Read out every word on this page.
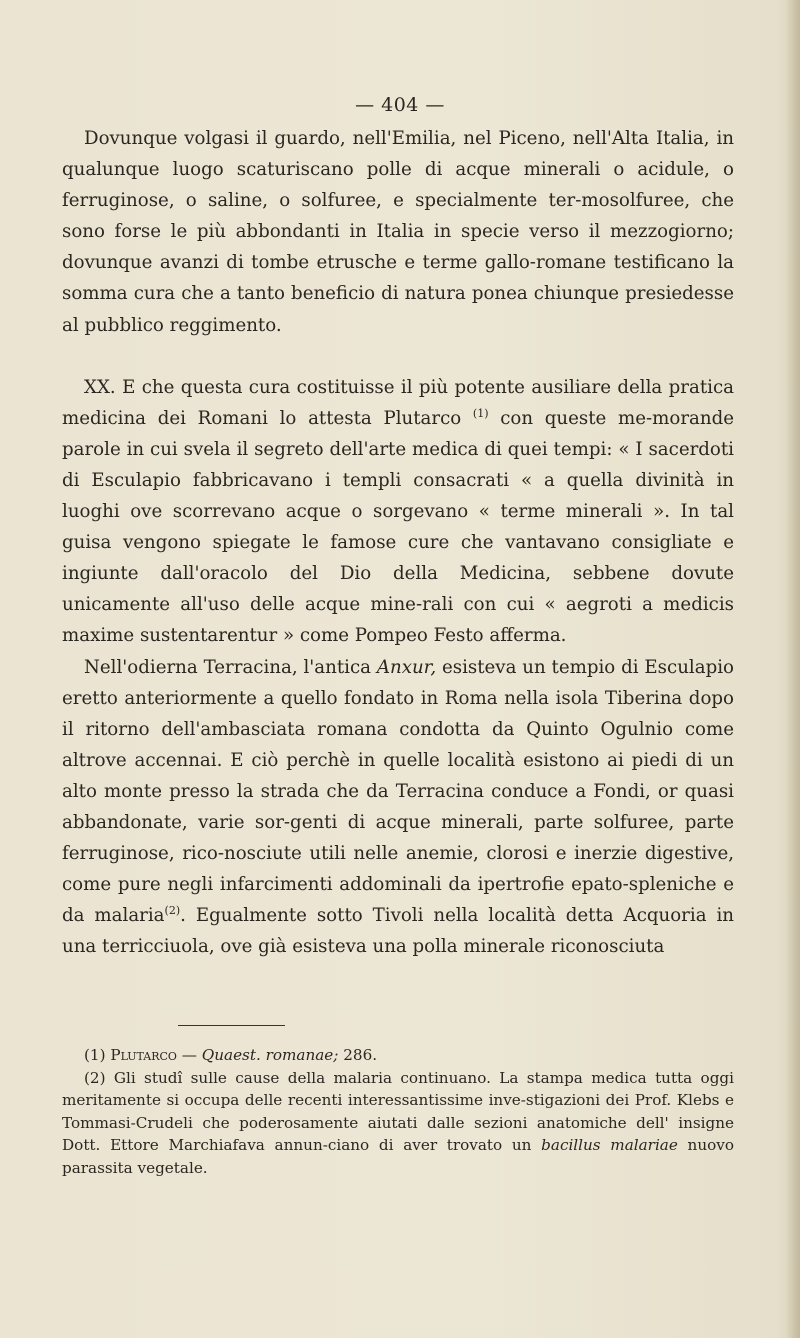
— 404 —

Dovunque volgasi il guardo, nell'Emilia, nel Piceno, nell'Alta Italia, in qualunque luogo scaturiscano polle di acque minerali o acidule, o ferruginose, o saline, o solfuree, e specialmente ter-mosolfuree, che sono forse le più abbondanti in Italia in specie verso il mezzogiorno; dovunque avanzi di tombe etrusche e terme gallo-romane testificano la somma cura che a tanto beneficio di natura ponea chiunque presiedesse al pubblico reggimento.

XX. E che questa cura costituisse il più potente ausiliare della pratica medicina dei Romani lo attesta Plutarco $^{(1)}$ con queste me-morande parole in cui svela il segreto dell'arte medica di quei tempi: « I sacerdoti di Esculapio fabbricavano i templi consacrati « a quella divinità in luoghi ove scorrevano acque o sorgevano « terme minerali ». In tal guisa vengono spiegate le famose cure che vantavano consigliate e ingiunte dall'oracolo del Dio della Medicina, sebbene dovute unicamente all'uso delle acque mine-rali con cui « aegroti a medicis maxime sustentarentur » come Pompeo Festo afferma.

Nell'odierna Terracina, l'antica Anxur, esisteva un tempio di Esculapio eretto anteriormente a quello fondato in Roma nella isola Tiberina dopo il ritorno dell'ambasciata romana condotta da Quinto Ogulnio come altrove accennai. E ciò perchè in quelle località esistono ai piedi di un alto monte presso la strada che da Terracina conduce a Fondi, or quasi abbandonate, varie sor-genti di acque minerali, parte solfuree, parte ferruginose, rico-nosciute utili nelle anemie, clorosi e inerzie digestive, come pure negli infarcimenti addominali da ipertrofie epato-spleniche e da malaria$^{(2)}$. Egualmente sotto Tivoli nella località detta Acquoria in una terricciuola, ove già esisteva una polla minerale riconosciuta

(1) Plutarco — Quaest. romanae; 286.

(2) Gli studî sulle cause della malaria continuano. La stampa medica tutta oggi meritamente si occupa delle recenti interessantissime inve-stigazioni dei Prof. Klebs e Tommasi-Crudeli che poderosamente aiutati dalle sezioni anatomiche dell' insigne Dott. Ettore Marchiafava annun-ciano di aver trovato un bacillus malariae nuovo parassita vegetale.
